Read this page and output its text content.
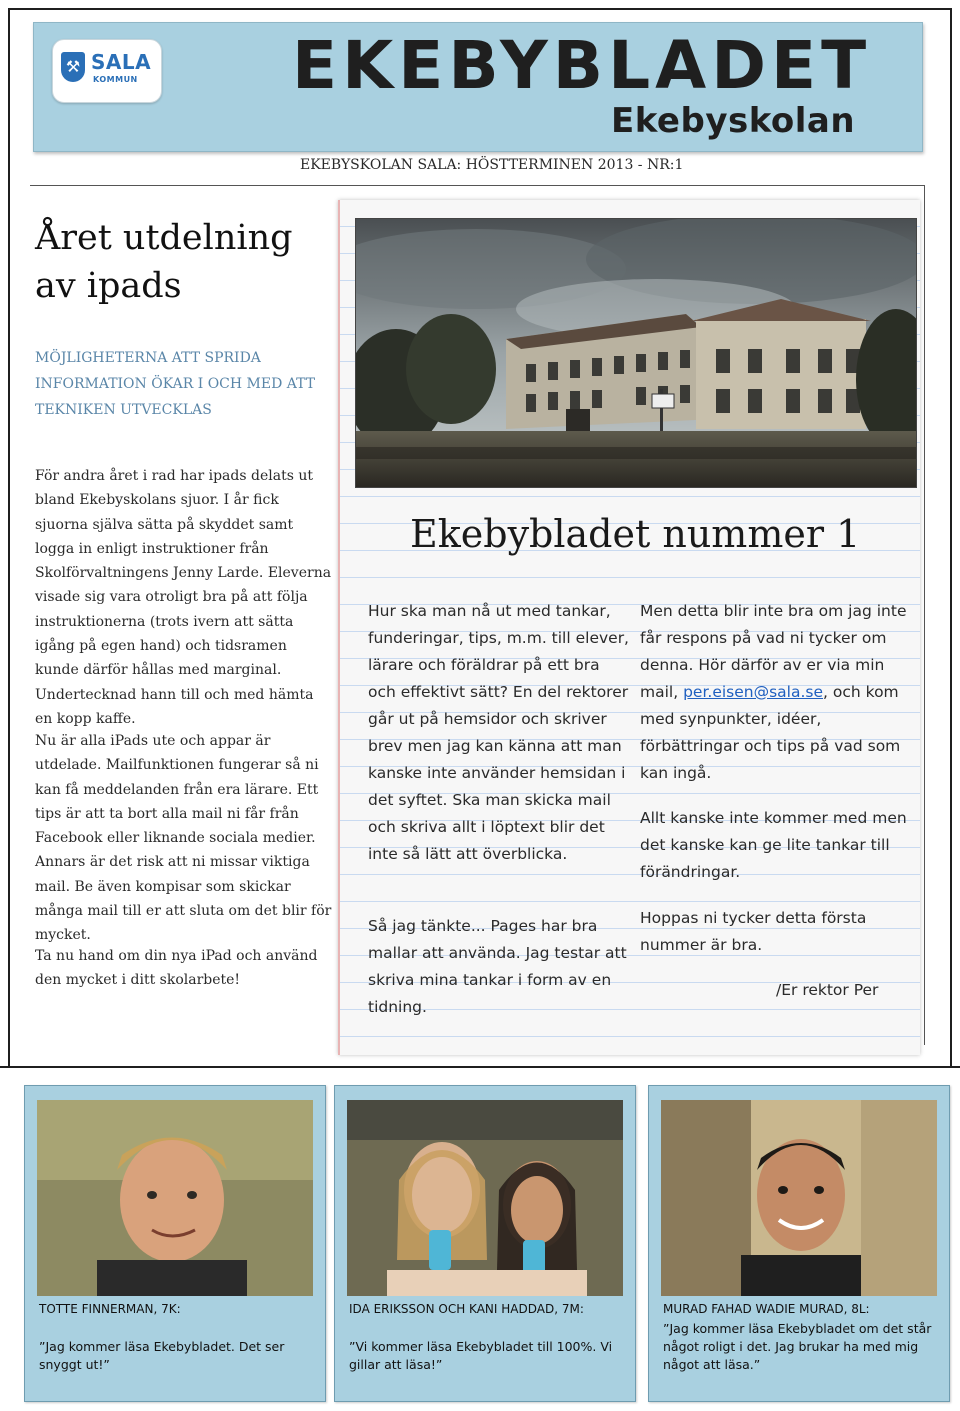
⚒ SALA
KOMMUN EKEBYBLADET
Ekebyskolan
EKEBYSKOLAN SALA: HÖSTTERMINEN 2013 - NR:1
Året utdelning av ipads
MÖJLIGHETERNA ATT SPRIDA INFORMATION ÖKAR I OCH MED ATT TEKNIKEN UTVECKLAS
För andra året i rad har ipads delats ut bland Ekebyskolans sjuor. I år fick sjuorna själva sätta på skyddet samt logga in enligt instruktioner från Skolförvaltningens Jenny Larde. Eleverna visade sig vara otroligt bra på att följa instruktionerna (trots ivern att sätta igång på egen hand) och tidsramen kunde därför hållas med marginal. Undertecknad hann till och med hämta en kopp kaffe.
Nu är alla iPads ute och appar är utdelade. Mailfunktionen fungerar så ni kan få meddelanden från era lärare. Ett tips är att ta bort alla mail ni får från Facebook eller liknande sociala medier. Annars är det risk att ni missar viktiga mail. Be även kompisar som skickar många mail till er att sluta om det blir för mycket.
Ta nu hand om din nya iPad och använd den mycket i ditt skolarbete!
Ekebybladet nummer 1
Hur ska man nå ut med tankar, funderingar, tips, m.m. till elever, lärare och föräldrar på ett bra och effektivt sätt? En del rektorer går ut på hemsidor och skriver brev men jag kan känna att man kanske inte använder hemsidan i det syftet. Ska man skicka mail och skriva allt i löptext blir det inte så lätt att överblicka.
Så jag tänkte... Pages har bra mallar att använda. Jag testar att skriva mina tankar i form av en tidning.
Men detta blir inte bra om jag inte får respons på vad ni tycker om denna. Hör därför av er via min mail, per.eisen@sala.se, och kom med synpunkter, idéer, förbättringar och tips på vad som kan ingå.
Allt kanske inte kommer med men det kanske kan ge lite tankar till förändringar.
Hoppas ni tycker detta första nummer är bra.
/Er rektor Per
TOTTE FINNERMAN, 7K:
”Jag kommer läsa Ekebybladet. Det ser snyggt ut!”
IDA ERIKSSON OCH KANI HADDAD, 7M:
”Vi kommer läsa Ekebybladet till 100%. Vi gillar att läsa!”
MURAD FAHAD WADIE MURAD, 8L:
”Jag kommer läsa Ekebybladet om det står något roligt i det. Jag brukar ha med mig något att läsa.”
